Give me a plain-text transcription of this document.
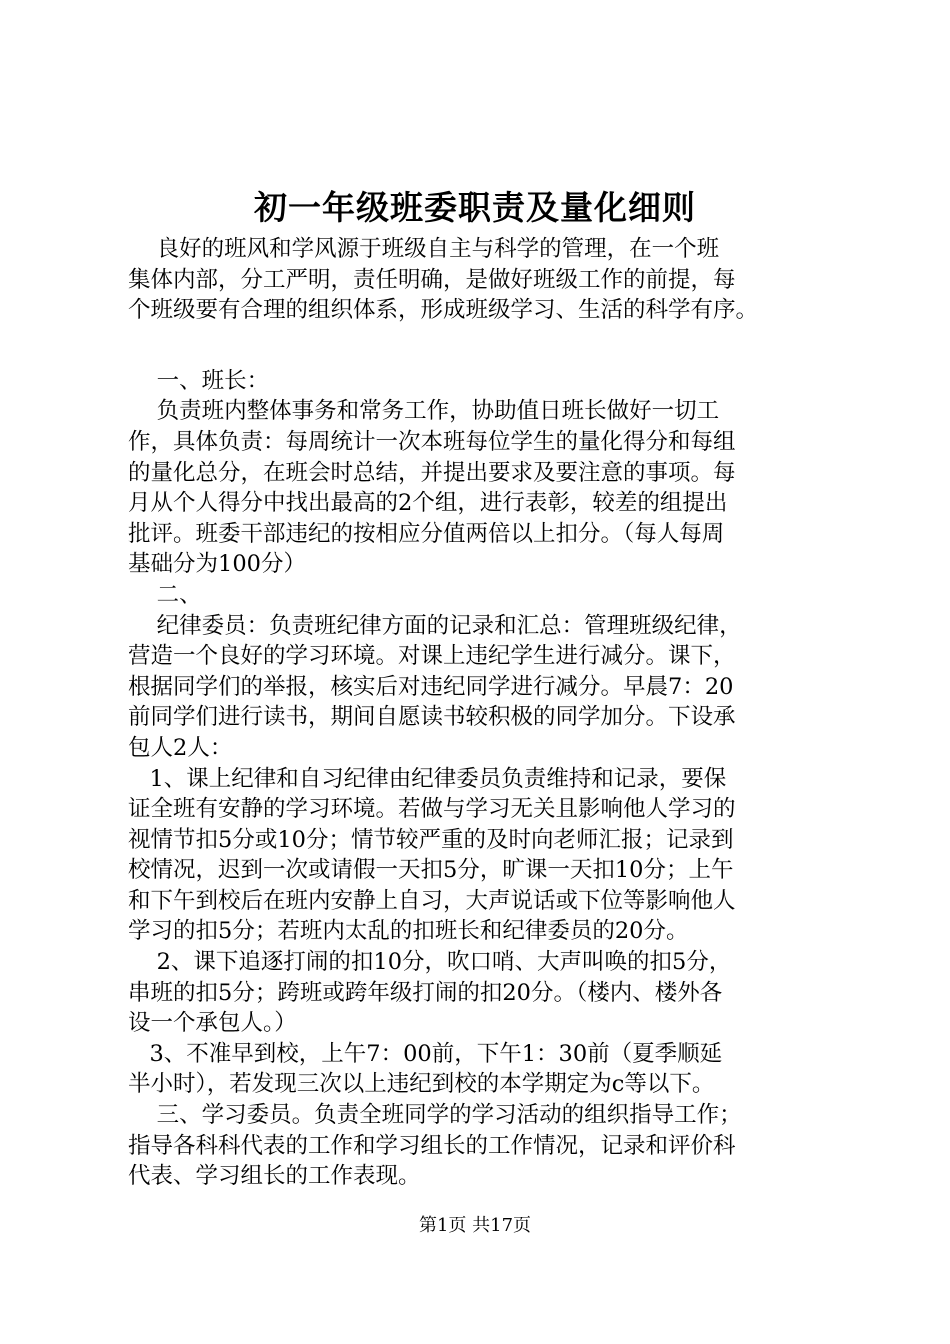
初一年级班委职责及量化细则
良好的班风和学风源于班级自主与科学的管理，在一个班
集体内部，分工严明，责任明确，是做好班级工作的前提，每
个班级要有合理的组织体系，形成班级学习、生活的科学有序。
一、班长：
负责班内整体事务和常务工作，协助值日班长做好一切工
作，具体负责：每周统计一次本班每位学生的量化得分和每组
的量化总分，在班会时总结，并提出要求及要注意的事项。每
月从个人得分中找出最高的2个组，进行表彰，较差的组提出
批评。班委干部违纪的按相应分值两倍以上扣分。（每人每周
基础分为100分）
二、
纪律委员：负责班纪律方面的记录和汇总：管理班级纪律，
营造一个良好的学习环境。对课上违纪学生进行减分。课下，
根据同学们的举报，核实后对违纪同学进行减分。早晨7：20
前同学们进行读书，期间自愿读书较积极的同学加分。下设承
包人2人：
1、课上纪律和自习纪律由纪律委员负责维持和记录，要保
证全班有安静的学习环境。若做与学习无关且影响他人学习的
视情节扣5分或10分；情节较严重的及时向老师汇报；记录到
校情况，迟到一次或请假一天扣5分，旷课一天扣10分；上午
和下午到校后在班内安静上自习，大声说话或下位等影响他人
学习的扣5分；若班内太乱的扣班长和纪律委员的20分。
2、课下追逐打闹的扣10分，吹口哨、大声叫唤的扣5分，
串班的扣5分；跨班或跨年级打闹的扣20分。（楼内、楼外各
设一个承包人。）
3、不准早到校，上午7：00前，下午1：30前（夏季顺延
半小时），若发现三次以上违纪到校的本学期定为c等以下。
三、学习委员。负责全班同学的学习活动的组织指导工作；
指导各科科代表的工作和学习组长的工作情况，记录和评价科
代表、学习组长的工作表现。
第1页 共17页
